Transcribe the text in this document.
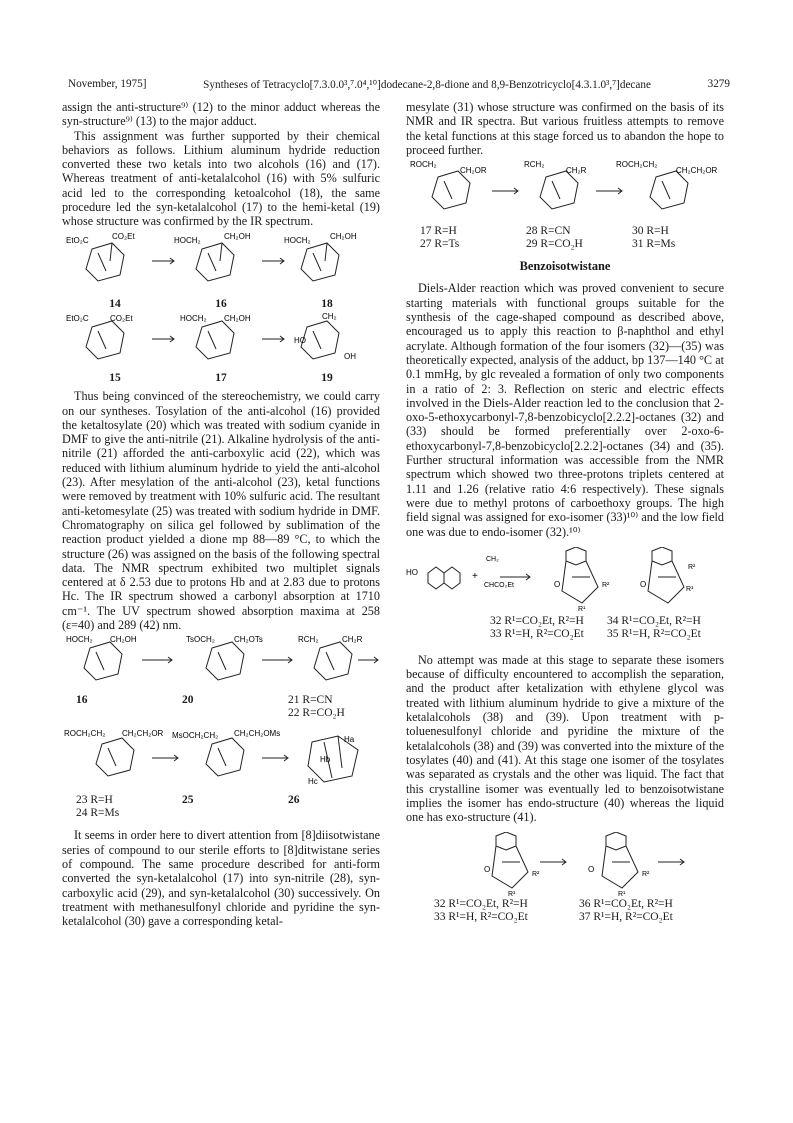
November, 1975]	Syntheses of Tetracyclo[7.3.0.0³,⁷.0⁴,¹⁰]dodecane-2,8-dione and 8,9-Benzotricyclo[4.3.1.0³,⁷]decane	3279

assign the anti-structure⁹⁾ (12) to the minor adduct whereas the syn-structure⁹⁾ (13) to the major adduct.

This assignment was further supported by their chemical behaviors as follows. Lithium aluminum hydride reduction converted these two ketals into two alcohols (16) and (17). Whereas treatment of anti-ketalalcohol (16) with 5% sulfuric acid led to the corresponding ketoalcohol (18), the same procedure led the syn-ketalalcohol (17) to the hemi-ketal (19) whose structure was confirmed by the IR spectrum.

EtO₂C	CO₂Et	HOCH₂	CH₂OH	HOCH₂ CH₂OH
14	16	18
EtO₂C	CO₂Et	HOCH₂ CH₂OH	CH₂
HO
OH
15	17	19

Thus being convinced of the stereochemistry, we could carry on our syntheses. Tosylation of the anti-alcohol (16) provided the ketaltosylate (20) which was treated with sodium cyanide in DMF to give the anti-nitrile (21). Alkaline hydrolysis of the anti-nitrile (21) afforded the anti-carboxylic acid (22), which was reduced with lithium aluminum hydride to yield the anti-alcohol (23). After mesylation of the anti-alcohol (23), ketal functions were removed by treatment with 10% sulfuric acid. The resultant anti-ketomesylate (25) was treated with sodium hydride in DMF. Chromatography on silica gel followed by sublimation of the reaction product yielded a dione mp 88—89 °C, to which the structure (26) was assigned on the basis of the following spectral data. The NMR spectrum exhibited two multiplet signals centered at δ 2.53 due to protons Hb and at 2.83 due to protons Hc. The IR spectrum showed a carbonyl absorption at 1710 cm⁻¹. The UV spectrum showed absorption maxima at 258 (ε=40) and 289 (42) nm.

HOCH₂ CH₂OH	TsOCH₂ CH₂OTs	RCH₂	CH₂R
16	20	21 R=CN
22 R=CO₂H
ROCH₂CH₂ CH₂CH₂OR MsOCH₂CH₂ CH₂CH₂OMs
Ha
Hb
Hc
23 R=H
24 R=Ms
25	26

It seems in order here to divert attention from [8]diisotwistane series of compound to our sterile efforts to [8]ditwistane series of compound. The same procedure described for anti-form converted the syn-ketalalcohol (17) into syn-nitrile (28), syn-carboxylic acid (29), and syn-ketalalcohol (30) successively. On treatment with methanesulfonyl chloride and pyridine the syn-ketalalcohol (30) gave a corresponding ketal-

mesylate (31) whose structure was confirmed on the basis of its NMR and IR spectra. But various fruitless attempts to remove the ketal functions at this stage forced us to abandon the hope to proceed further.

ROCH₂
CH₂OR
RCH₂
CH₂R
ROCH₂CH₂
CH₂CH₂OR
17 R=H
27 R=Ts
28 R=CN
29 R=CO₂H
30 R=H
31 R=Ms
Benzoisotwistane

Diels-Alder reaction which was proved convenient to secure starting materials with functional groups suitable for the synthesis of the cage-shaped compound as described above, encouraged us to apply this reaction to β-naphthol and ethyl acrylate. Although formation of the four isomers (32)—(35) was theoretically expected, analysis of the adduct, bp 137—140 °C at 0.1 mmHg, by glc revealed a formation of only two components in a ratio of 2: 3. Reflection on steric and electric effects involved in the Diels-Alder reaction led to the conclusion that 2-oxo-5-ethoxycarbonyl-7,8-benzobicyclo[2.2.2]-octanes (32) and (33) should be formed preferentially over 2-oxo-6-ethoxycarbonyl-7,8-benzobicyclo[2.2.2]-octanes (34) and (35). Further structural information was accessible from the NMR spectrum which showed two three-protons triplets centered at 1.11 and 1.26 (relative ratio 4:6 respectively). These signals were due to methyl protons of carboethoxy groups. The high field signal was assigned for exo-isomer (33)¹⁰⁾ and the low field one was due to endo-isomer (32).¹⁰⁾

HO	+
CH₂
CHCO₂Et	O	R²
R¹
O
R²
R¹
32 R¹=CO₂Et, R²=H	34 R¹=CO₂Et, R²=H
33 R¹=H, R²=CO₂Et	35 R¹=H, R²=CO₂Et

No attempt was made at this stage to separate these isomers because of difficulty encountered to accomplish the separation, and the product after ketalization with ethylene glycol was treated with lithium aluminum hydride to give a mixture of the ketalalcohols (38) and (39). Upon treatment with p-toluenesulfonyl chloride and pyridine the mixture of the ketalalcohols (38) and (39) was converted into the mixture of the tosylates (40) and (41). At this stage one isomer of the tosylates was separated as crystals and the other was liquid. The fact that this crystalline isomer was eventually led to benzoisotwistane implies the isomer has endo-structure (40) whereas the liquid one has exo-structure (41).

O
R²
R¹
O
R²
R¹
32 R¹=CO₂Et, R²=H	36 R¹=CO₂Et, R²=H
33 R¹=H, R²=CO₂Et	37 R¹=H, R²=CO₂Et
